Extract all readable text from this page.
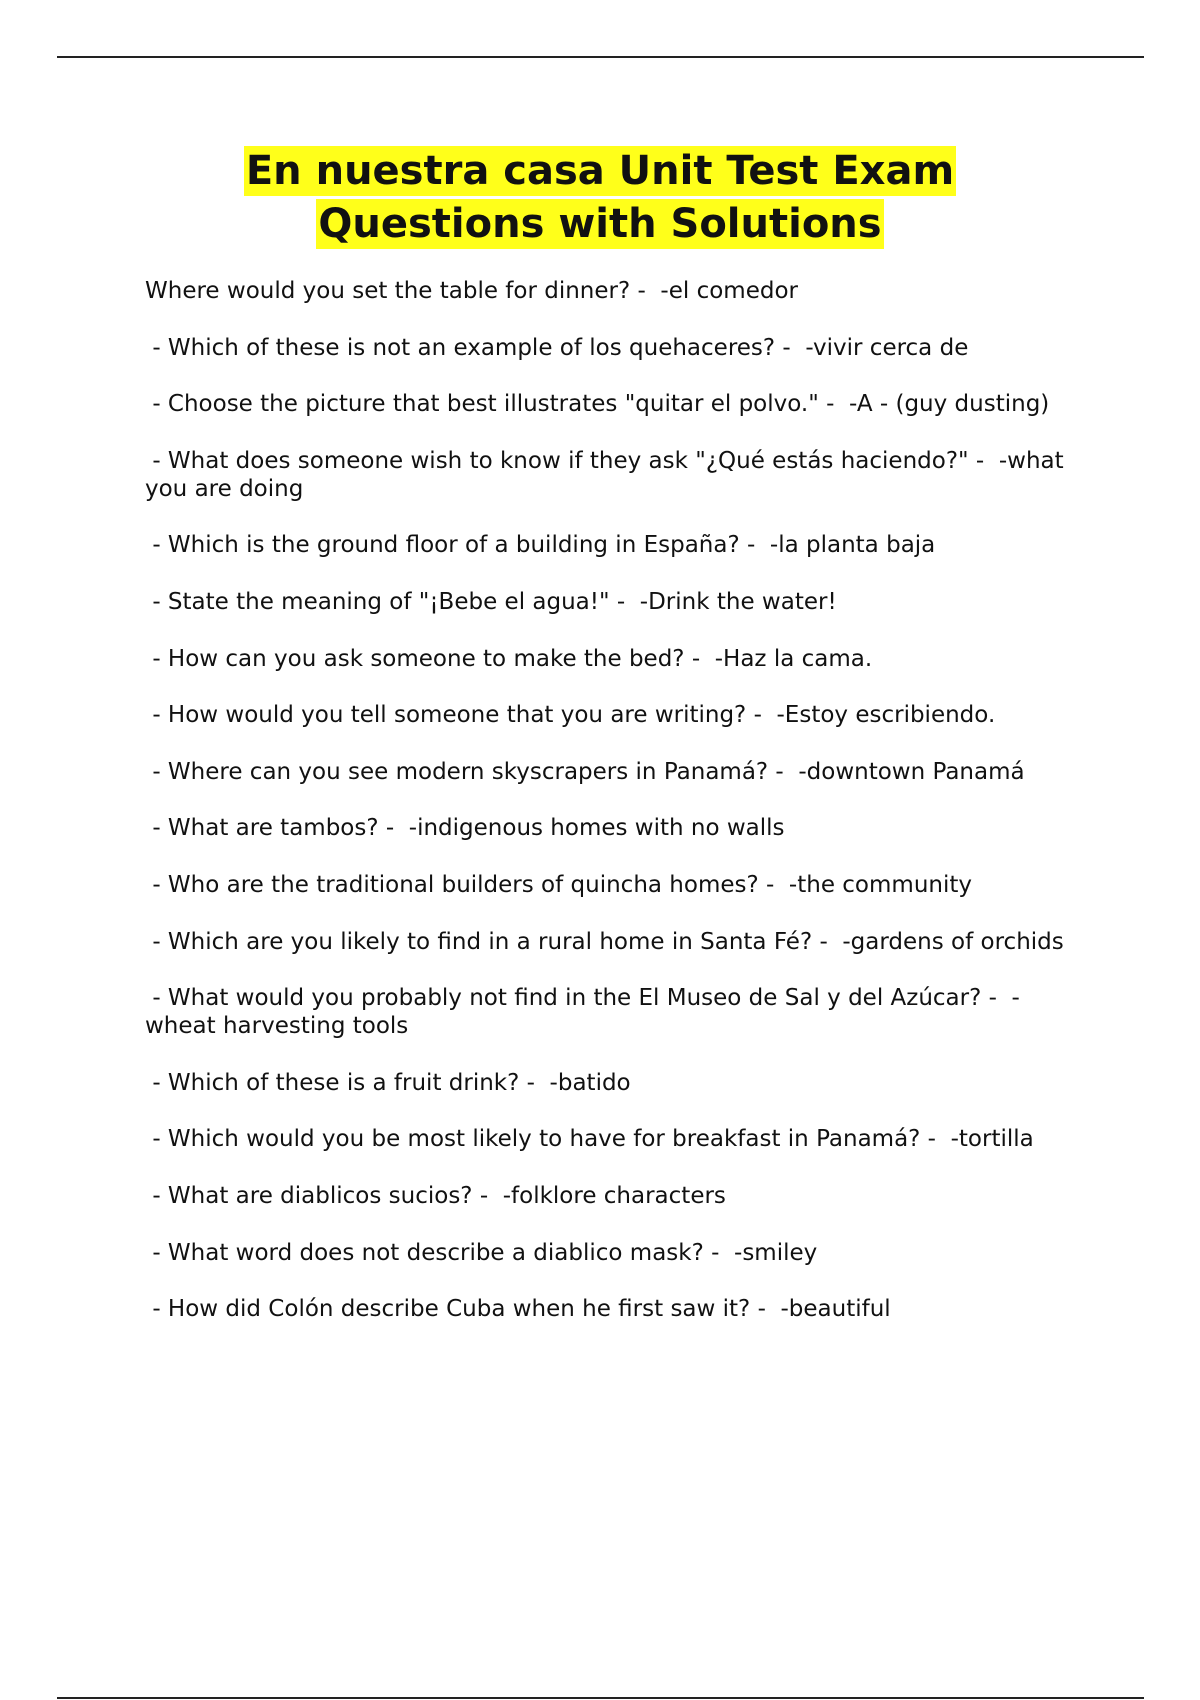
En nuestra casa Unit Test Exam
Questions with Solutions
Where would you set the table for dinner? -  -el comedor
- Which of these is not an example of los quehaceres? -  -vivir cerca de
- Choose the picture that best illustrates "quitar el polvo." -  -A - (guy dusting)
- What does someone wish to know if they ask "¿Qué estás haciendo?" -  -what you are doing
- Which is the ground floor of a building in España? -  -la planta baja
- State the meaning of "¡Bebe el agua!" -  -Drink the water!
- How can you ask someone to make the bed? -  -Haz la cama.
- How would you tell someone that you are writing? -  -Estoy escribiendo.
- Where can you see modern skyscrapers in Panamá? -  -downtown Panamá
- What are tambos? -  -indigenous homes with no walls
- Who are the traditional builders of quincha homes? -  -the community
- Which are you likely to find in a rural home in Santa Fé? -  -gardens of orchids
- What would you probably not find in the El Museo de Sal y del Azúcar? -  -wheat harvesting tools
- Which of these is a fruit drink? -  -batido
- Which would you be most likely to have for breakfast in Panamá? -  -tortilla
- What are diablicos sucios? -  -folklore characters
- What word does not describe a diablico mask? -  -smiley
- How did Colón describe Cuba when he first saw it? -  -beautiful
